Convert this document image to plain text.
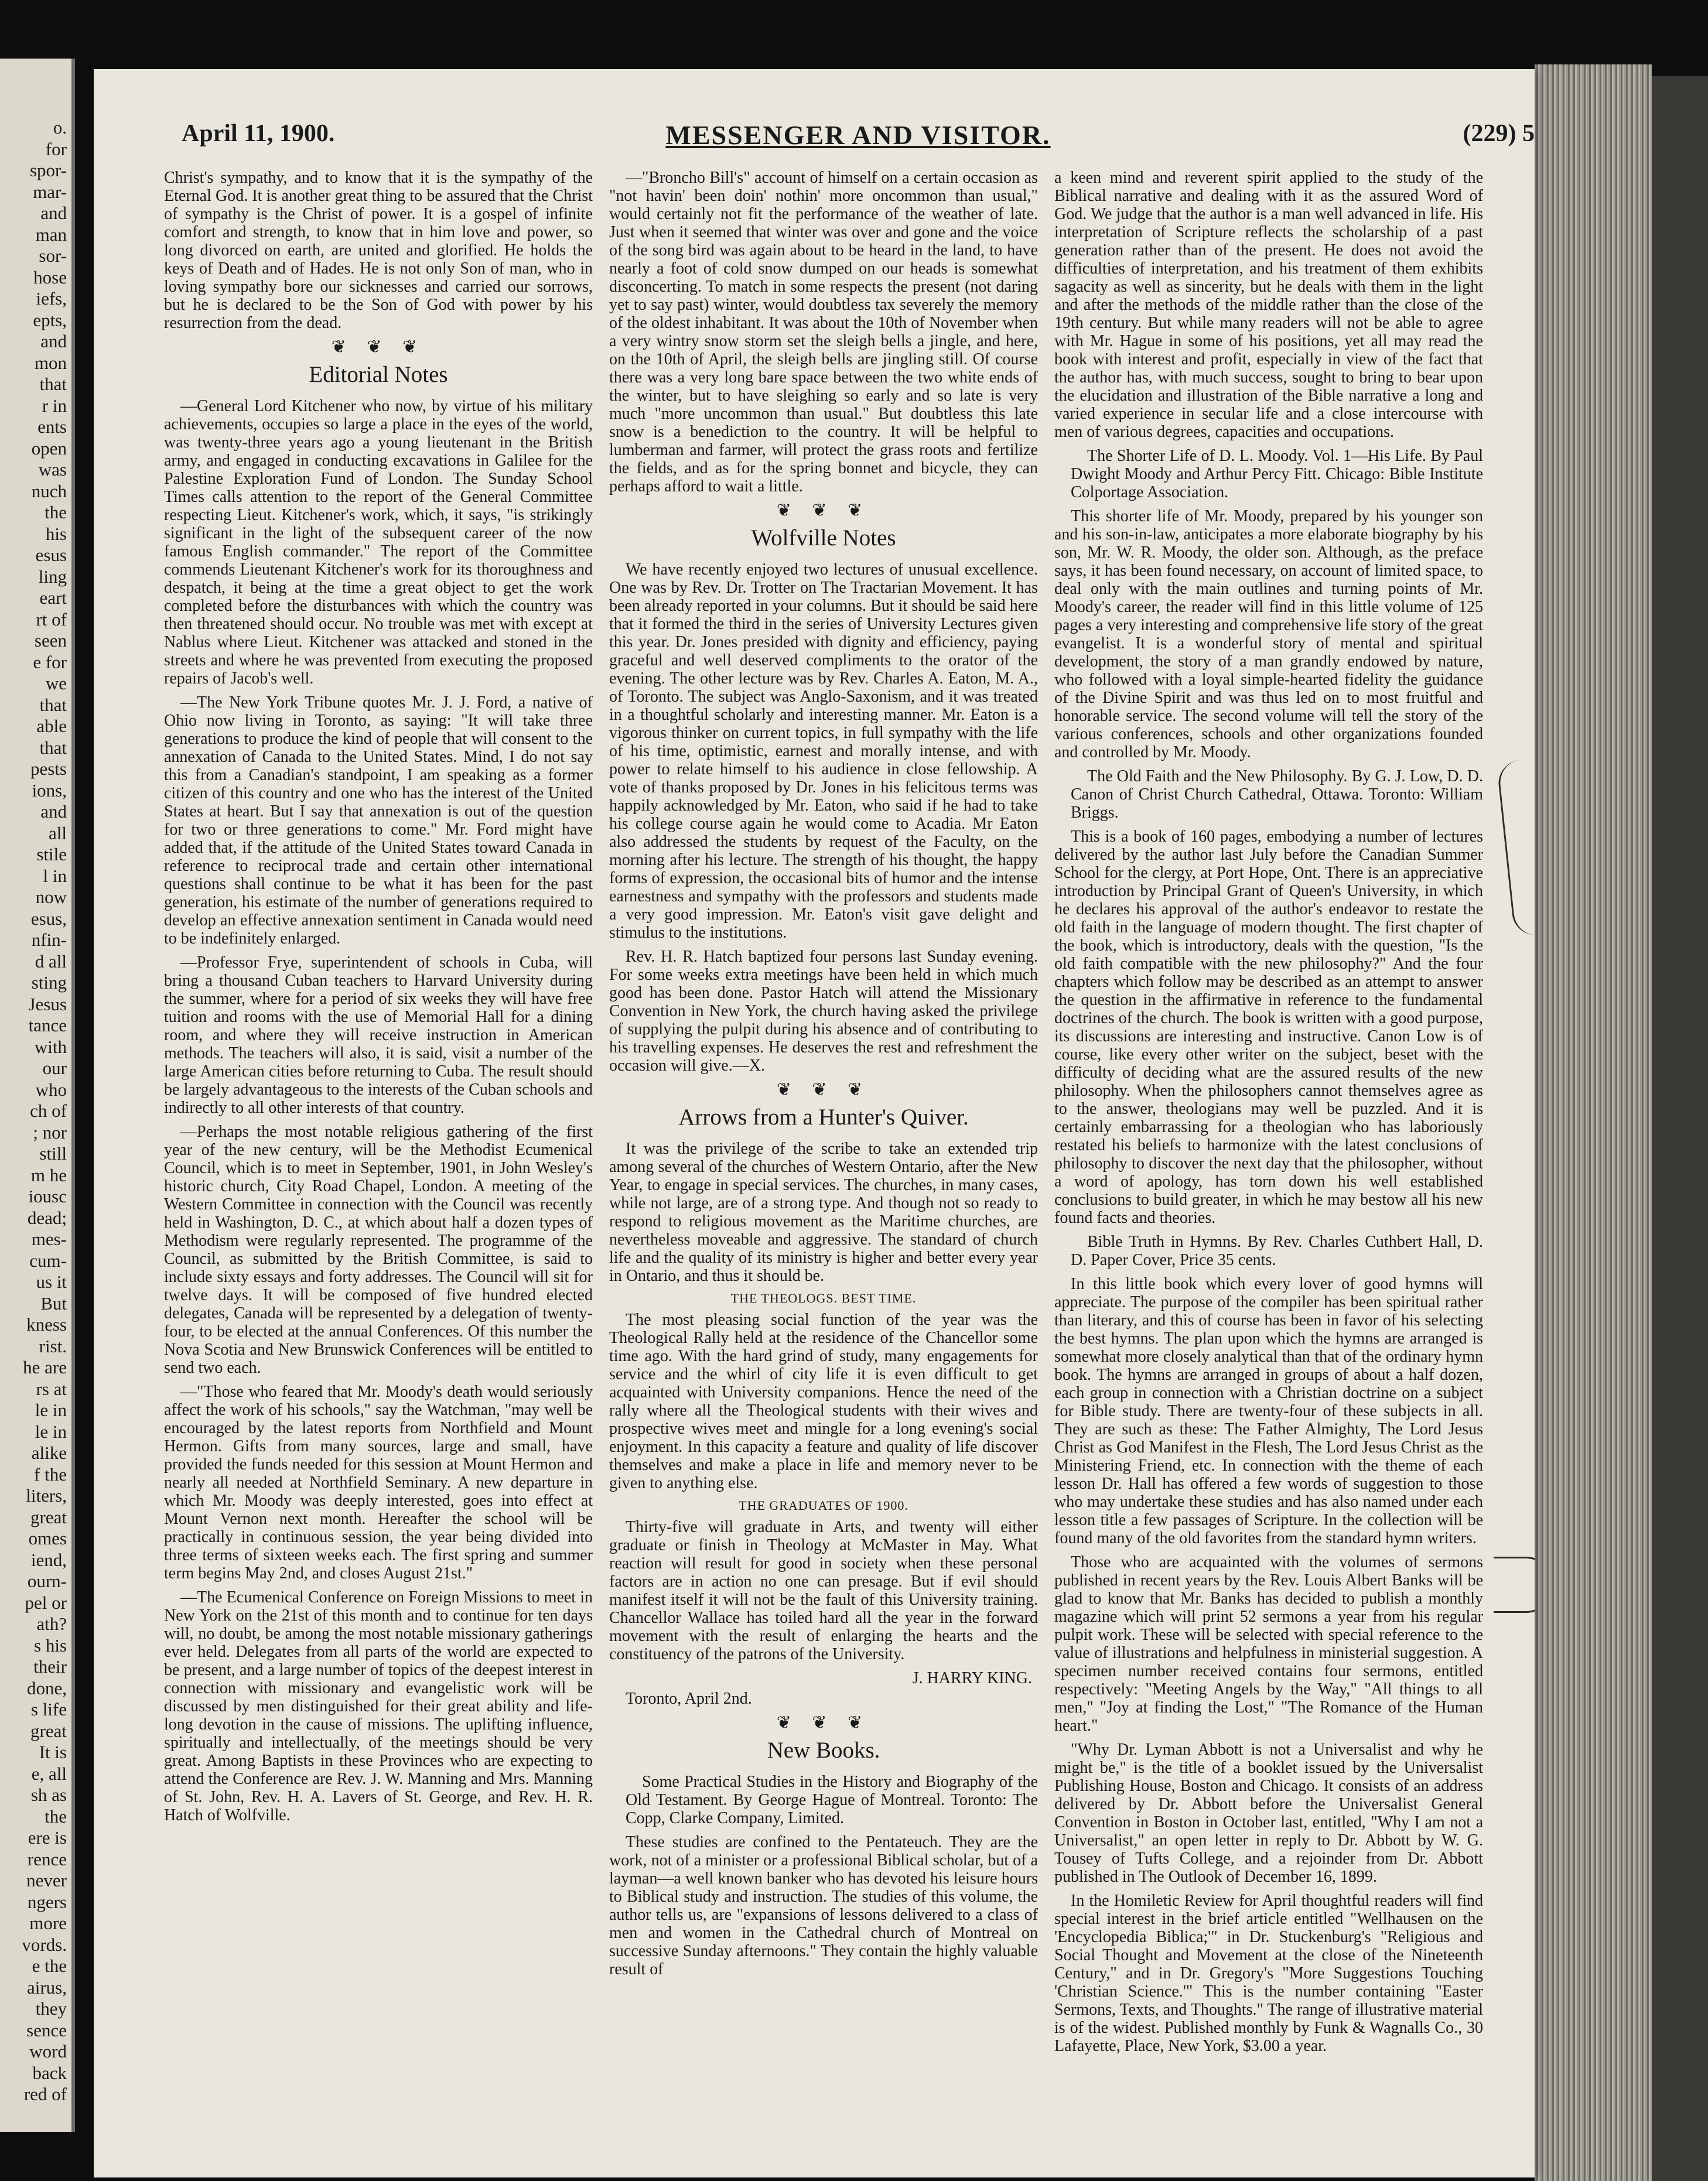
o.
for
spor-
mar-
and
man
sor-
hose
iefs,
epts,
and
mon
that
r in
ents
open
was
nuch
the
his
esus
ling
eart
rt of
seen
e for
we
that
able
that
pests
ions,
and
all
stile
l in
now
esus,
nfin-
d all
sting
Jesus
tance
with
our
who
ch of
; nor
still
m he
iousc
dead;
mes-
cum-
us it
But
kness
rist.
he are
rs at
le in
le in
alike
f the
liters,
great
omes
iend,
ourn-
pel or
ath?
s his
their
done,
s life
great
It is
e, all
sh as
the
ere is
rence
never
ngers
more
vords.
e the
airus,
they
sence
word
back
red of
April 11, 1900.	MESSENGER AND VISITOR.	(229) 5

Christ's sympathy, and to know that it is the sympathy of the Eternal God. It is another great thing to be assured that the Christ of sympathy is the Christ of power. It is a gospel of infinite comfort and strength, to know that in him love and power, so long divorced on earth, are united and glorified. He holds the keys of Death and of Hades. He is not only Son of man, who in loving sympathy bore our sicknesses and carried our sorrows, but he is declared to be the Son of God with power by his resurrection from the dead.

❦ ❦ ❦
Editorial Notes

—General Lord Kitchener who now, by virtue of his military achievements, occupies so large a place in the eyes of the world, was twenty-three years ago a young lieutenant in the British army, and engaged in conducting excavations in Galilee for the Palestine Exploration Fund of London. The Sunday School Times calls attention to the report of the General Committee respecting Lieut. Kitchener's work, which, it says, "is strikingly significant in the light of the subsequent career of the now famous English commander." The report of the Committee commends Lieutenant Kitchener's work for its thoroughness and despatch, it being at the time a great object to get the work completed before the disturbances with which the country was then threatened should occur. No trouble was met with except at Nablus where Lieut. Kitchener was attacked and stoned in the streets and where he was prevented from executing the proposed repairs of Jacob's well.

—The New York Tribune quotes Mr. J. J. Ford, a native of Ohio now living in Toronto, as saying: "It will take three generations to produce the kind of people that will consent to the annexation of Canada to the United States. Mind, I do not say this from a Canadian's standpoint, I am speaking as a former citizen of this country and one who has the interest of the United States at heart. But I say that annexation is out of the question for two or three generations to come." Mr. Ford might have added that, if the attitude of the United States toward Canada in reference to reciprocal trade and certain other international questions shall continue to be what it has been for the past generation, his estimate of the number of generations required to develop an effective annexation sentiment in Canada would need to be indefinitely enlarged.

—Professor Frye, superintendent of schools in Cuba, will bring a thousand Cuban teachers to Harvard University during the summer, where for a period of six weeks they will have free tuition and rooms with the use of Memorial Hall for a dining room, and where they will receive instruction in American methods. The teachers will also, it is said, visit a number of the large American cities before returning to Cuba. The result should be largely advantageous to the interests of the Cuban schools and indirectly to all other interests of that country.

—Perhaps the most notable religious gathering of the first year of the new century, will be the Methodist Ecumenical Council, which is to meet in September, 1901, in John Wesley's historic church, City Road Chapel, London. A meeting of the Western Committee in connection with the Council was recently held in Washington, D. C., at which about half a dozen types of Methodism were regularly represented. The programme of the Council, as submitted by the British Committee, is said to include sixty essays and forty addresses. The Council will sit for twelve days. It will be composed of five hundred elected delegates, Canada will be represented by a delegation of twenty-four, to be elected at the annual Conferences. Of this number the Nova Scotia and New Brunswick Conferences will be entitled to send two each.

—"Those who feared that Mr. Moody's death would seriously affect the work of his schools," say the Watchman, "may well be encouraged by the latest reports from Northfield and Mount Hermon. Gifts from many sources, large and small, have provided the funds needed for this session at Mount Hermon and nearly all needed at Northfield Seminary. A new departure in which Mr. Moody was deeply interested, goes into effect at Mount Vernon next month. Hereafter the school will be practically in continuous session, the year being divided into three terms of sixteen weeks each. The first spring and summer term begins May 2nd, and closes August 21st."

—The Ecumenical Conference on Foreign Missions to meet in New York on the 21st of this month and to continue for ten days will, no doubt, be among the most notable missionary gatherings ever held. Delegates from all parts of the world are expected to be present, and a large number of topics of the deepest interest in connection with missionary and evangelistic work will be discussed by men distinguished for their great ability and life-long devotion in the cause of missions. The uplifting influence, spiritually and intellectually, of the meetings should be very great. Among Baptists in these Provinces who are expecting to attend the Conference are Rev. J. W. Manning and Mrs. Manning of St. John, Rev. H. A. Lavers of St. George, and Rev. H. R. Hatch of Wolfville.

—"Broncho Bill's" account of himself on a certain occasion as "not havin' been doin' nothin' more oncommon than usual," would certainly not fit the performance of the weather of late. Just when it seemed that winter was over and gone and the voice of the song bird was again about to be heard in the land, to have nearly a foot of cold snow dumped on our heads is somewhat disconcerting. To match in some respects the present (not daring yet to say past) winter, would doubtless tax severely the memory of the oldest inhabitant. It was about the 10th of November when a very wintry snow storm set the sleigh bells a jingle, and here, on the 10th of April, the sleigh bells are jingling still. Of course there was a very long bare space between the two white ends of the winter, but to have sleighing so early and so late is very much "more uncommon than usual." But doubtless this late snow is a benediction to the country. It will be helpful to lumberman and farmer, will protect the grass roots and fertilize the fields, and as for the spring bonnet and bicycle, they can perhaps afford to wait a little.

❦ ❦ ❦
Wolfville Notes

We have recently enjoyed two lectures of unusual excellence. One was by Rev. Dr. Trotter on The Tractarian Movement. It has been already reported in your columns. But it should be said here that it formed the third in the series of University Lectures given this year. Dr. Jones presided with dignity and efficiency, paying graceful and well deserved compliments to the orator of the evening. The other lecture was by Rev. Charles A. Eaton, M. A., of Toronto. The subject was Anglo-Saxonism, and it was treated in a thoughtful scholarly and interesting manner. Mr. Eaton is a vigorous thinker on current topics, in full sympathy with the life of his time, optimistic, earnest and morally intense, and with power to relate himself to his audience in close fellowship. A vote of thanks proposed by Dr. Jones in his felicitous terms was happily acknowledged by Mr. Eaton, who said if he had to take his college course again he would come to Acadia. Mr Eaton also addressed the students by request of the Faculty, on the morning after his lecture. The strength of his thought, the happy forms of expression, the occasional bits of humor and the intense earnestness and sympathy with the professors and students made a very good impression. Mr. Eaton's visit gave delight and stimulus to the institutions.

Rev. H. R. Hatch baptized four persons last Sunday evening. For some weeks extra meetings have been held in which much good has been done. Pastor Hatch will attend the Missionary Convention in New York, the church having asked the privilege of supplying the pulpit during his absence and of contributing to his travelling expenses. He deserves the rest and refreshment the occasion will give.—X.

❦ ❦ ❦
Arrows from a Hunter's Quiver.

It was the privilege of the scribe to take an extended trip among several of the churches of Western Ontario, after the New Year, to engage in special services. The churches, in many cases, while not large, are of a strong type. And though not so ready to respond to religious movement as the Maritime churches, are nevertheless moveable and aggressive. The standard of church life and the quality of its ministry is higher and better every year in Ontario, and thus it should be.

THE THEOLOGS. BEST TIME.

The most pleasing social function of the year was the Theological Rally held at the residence of the Chancellor some time ago. With the hard grind of study, many engagements for service and the whirl of city life it is even difficult to get acquainted with University companions. Hence the need of the rally where all the Theological students with their wives and prospective wives meet and mingle for a long evening's social enjoyment. In this capacity a feature and quality of life discover themselves and make a place in life and memory never to be given to anything else.

THE GRADUATES OF 1900.

Thirty-five will graduate in Arts, and twenty will either graduate or finish in Theology at McMaster in May. What reaction will result for good in society when these personal factors are in action no one can presage. But if evil should manifest itself it will not be the fault of this University training. Chancellor Wallace has toiled hard all the year in the forward movement with the result of enlarging the hearts and the constituency of the patrons of the University.

J. HARRY KING.
Toronto, April 2nd.
❦ ❦ ❦
New Books.

Some Practical Studies in the History and Biography of the Old Testament. By George Hague of Montreal. Toronto: The Copp, Clarke Company, Limited.

These studies are confined to the Pentateuch. They are the work, not of a minister or a professional Biblical scholar, but of a layman—a well known banker who has devoted his leisure hours to Biblical study and instruction. The studies of this volume, the author tells us, are "expansions of lessons delivered to a class of men and women in the Cathedral church of Montreal on successive Sunday afternoons." They contain the highly valuable result of

a keen mind and reverent spirit applied to the study of the Biblical narrative and dealing with it as the assured Word of God. We judge that the author is a man well advanced in life. His interpretation of Scripture reflects the scholarship of a past generation rather than of the present. He does not avoid the difficulties of interpretation, and his treatment of them exhibits sagacity as well as sincerity, but he deals with them in the light and after the methods of the middle rather than the close of the 19th century. But while many readers will not be able to agree with Mr. Hague in some of his positions, yet all may read the book with interest and profit, especially in view of the fact that the author has, with much success, sought to bring to bear upon the elucidation and illustration of the Bible narrative a long and varied experience in secular life and a close intercourse with men of various degrees, capacities and occupations.

The Shorter Life of D. L. Moody. Vol. 1—His Life. By Paul Dwight Moody and Arthur Percy Fitt. Chicago: Bible Institute Colportage Association.

This shorter life of Mr. Moody, prepared by his younger son and his son-in-law, anticipates a more elaborate biography by his son, Mr. W. R. Moody, the older son. Although, as the preface says, it has been found necessary, on account of limited space, to deal only with the main outlines and turning points of Mr. Moody's career, the reader will find in this little volume of 125 pages a very interesting and comprehensive life story of the great evangelist. It is a wonderful story of mental and spiritual development, the story of a man grandly endowed by nature, who followed with a loyal simple-hearted fidelity the guidance of the Divine Spirit and was thus led on to most fruitful and honorable service. The second volume will tell the story of the various conferences, schools and other organizations founded and controlled by Mr. Moody.

The Old Faith and the New Philosophy. By G. J. Low, D. D. Canon of Christ Church Cathedral, Ottawa. Toronto: William Briggs.

This is a book of 160 pages, embodying a number of lectures delivered by the author last July before the Canadian Summer School for the clergy, at Port Hope, Ont. There is an appreciative introduction by Principal Grant of Queen's University, in which he declares his approval of the author's endeavor to restate the old faith in the language of modern thought. The first chapter of the book, which is introductory, deals with the question, "Is the old faith compatible with the new philosophy?" And the four chapters which follow may be described as an attempt to answer the question in the affirmative in reference to the fundamental doctrines of the church. The book is written with a good purpose, its discussions are interesting and instructive. Canon Low is of course, like every other writer on the subject, beset with the difficulty of deciding what are the assured results of the new philosophy. When the philosophers cannot themselves agree as to the answer, theologians may well be puzzled. And it is certainly embarrassing for a theologian who has laboriously restated his beliefs to harmonize with the latest conclusions of philosophy to discover the next day that the philosopher, without a word of apology, has torn down his well established conclusions to build greater, in which he may bestow all his new found facts and theories.

Bible Truth in Hymns. By Rev. Charles Cuthbert Hall, D. D. Paper Cover, Price 35 cents.

In this little book which every lover of good hymns will appreciate. The purpose of the compiler has been spiritual rather than literary, and this of course has been in favor of his selecting the best hymns. The plan upon which the hymns are arranged is somewhat more closely analytical than that of the ordinary hymn book. The hymns are arranged in groups of about a half dozen, each group in connection with a Christian doctrine on a subject for Bible study. There are twenty-four of these subjects in all. They are such as these: The Father Almighty, The Lord Jesus Christ as God Manifest in the Flesh, The Lord Jesus Christ as the Ministering Friend, etc. In connection with the theme of each lesson Dr. Hall has offered a few words of suggestion to those who may undertake these studies and has also named under each lesson title a few passages of Scripture. In the collection will be found many of the old favorites from the standard hymn writers.

Those who are acquainted with the volumes of sermons published in recent years by the Rev. Louis Albert Banks will be glad to know that Mr. Banks has decided to publish a monthly magazine which will print 52 sermons a year from his regular pulpit work. These will be selected with special reference to the value of illustrations and helpfulness in ministerial suggestion. A specimen number received contains four sermons, entitled respectively: "Meeting Angels by the Way," "All things to all men," "Joy at finding the Lost," "The Romance of the Human heart."

"Why Dr. Lyman Abbott is not a Universalist and why he might be," is the title of a booklet issued by the Universalist Publishing House, Boston and Chicago. It consists of an address delivered by Dr. Abbott before the Universalist General Convention in Boston in October last, entitled, "Why I am not a Universalist," an open letter in reply to Dr. Abbott by W. G. Tousey of Tufts College, and a rejoinder from Dr. Abbott published in The Outlook of December 16, 1899.

In the Homiletic Review for April thoughtful readers will find special interest in the brief article entitled "Wellhausen on the 'Encyclopedia Biblica;'" in Dr. Stuckenburg's "Religious and Social Thought and Movement at the close of the Nineteenth Century," and in Dr. Gregory's "More Suggestions Touching 'Christian Science.'" This is the number containing "Easter Sermons, Texts, and Thoughts." The range of illustrative material is of the widest. Published monthly by Funk & Wagnalls Co., 30 Lafayette, Place, New York, $3.00 a year.
